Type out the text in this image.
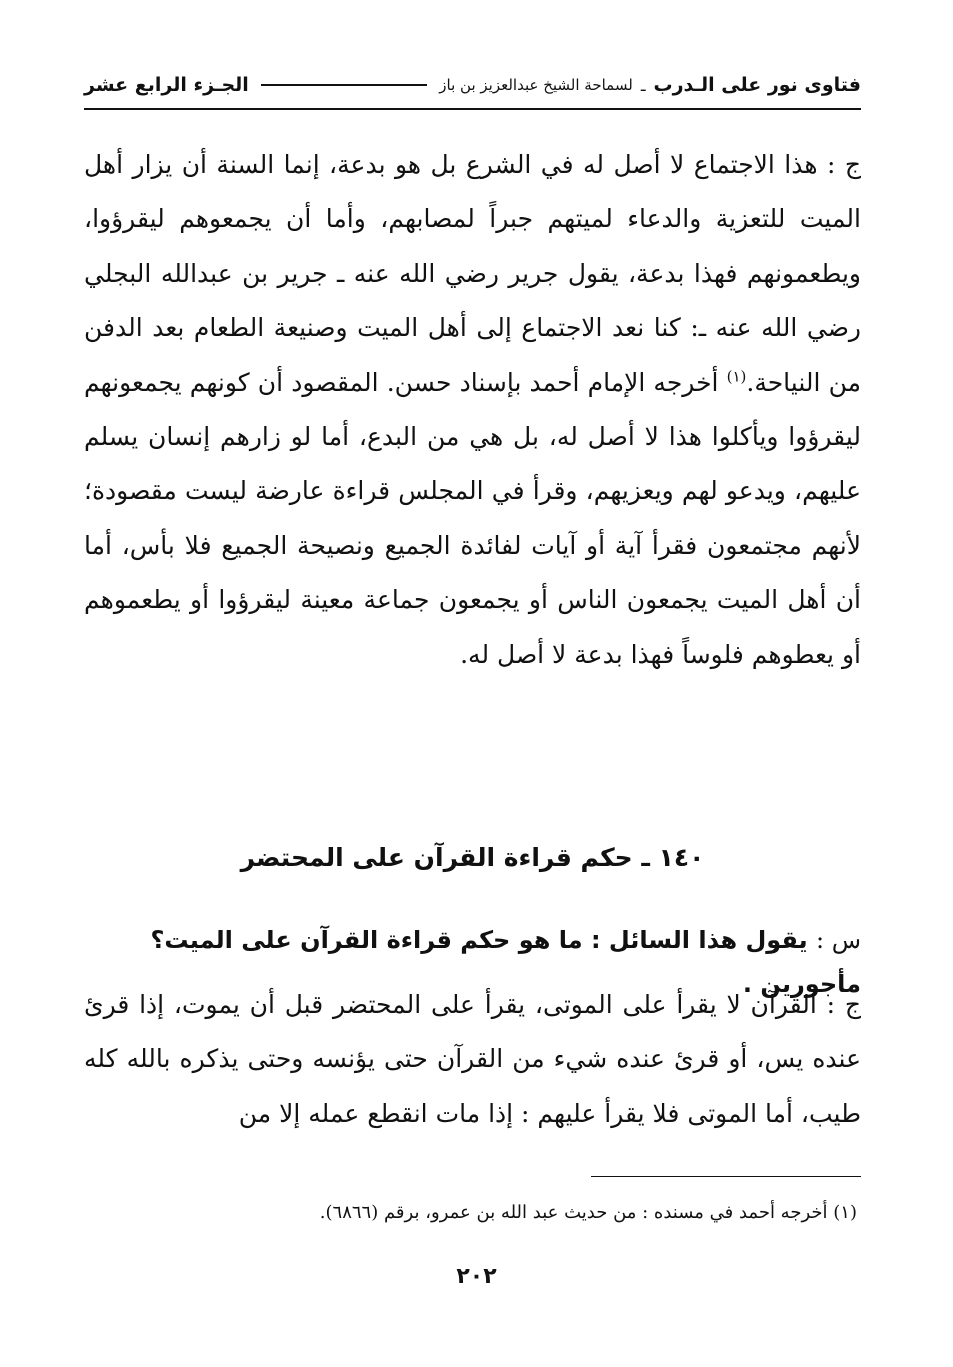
فتاوى نور على الـدرب
ـ
لسماحة الشيخ عبدالعزيز بن باز
الجـزء الرابع عشر

ج : هذا الاجتماع لا أصل له في الشرع بل هو بدعة، إنما السنة أن يزار أهل الميت للتعزية والدعاء لميتهم جبراً لمصابهم، وأما أن يجمعوهم ليقرؤوا، ويطعمونهم فهذا بدعة، يقول جرير رضي الله عنه ـ جرير بن عبدالله البجلي رضي الله عنه ـ: كنا نعد الاجتماع إلى أهل الميت وصنيعة الطعام بعد الدفن من النياحة.$^{(١)}$ أخرجه الإمام أحمد بإسناد حسن. المقصود أن كونهم يجمعونهم ليقرؤوا ويأكلوا هذا لا أصل له، بل هي من البدع، أما لو زارهم إنسان يسلم عليهم، ويدعو لهم ويعزيهم، وقرأ في المجلس قراءة عارضة ليست مقصودة؛ لأنهم مجتمعون فقرأ آية أو آيات لفائدة الجميع ونصيحة الجميع فلا بأس، أما أن أهل الميت يجمعون الناس أو يجمعون جماعة معينة ليقرؤوا أو يطعموهم أو يعطوهم فلوساً فهذا بدعة لا أصل له.

١٤٠ ـ حكم قراءة القرآن على المحتضر

س : يقول هذا السائل : ما هو حكم قراءة القرآن على الميت؟ مأجورين .

ج : القرآن لا يقرأ على الموتى، يقرأ على المحتضر قبل أن يموت، إذا قرئ عنده يس، أو قرئ عنده شيء من القرآن حتى يؤنسه وحتى يذكره بالله كله طيب، أما الموتى فلا يقرأ عليهم : إذا مات انقطع عمله إلا من

(١) أخرجه أحمد في مسنده : من حديث عبد الله بن عمرو، برقم (٦٨٦٦).

٢٠٢
